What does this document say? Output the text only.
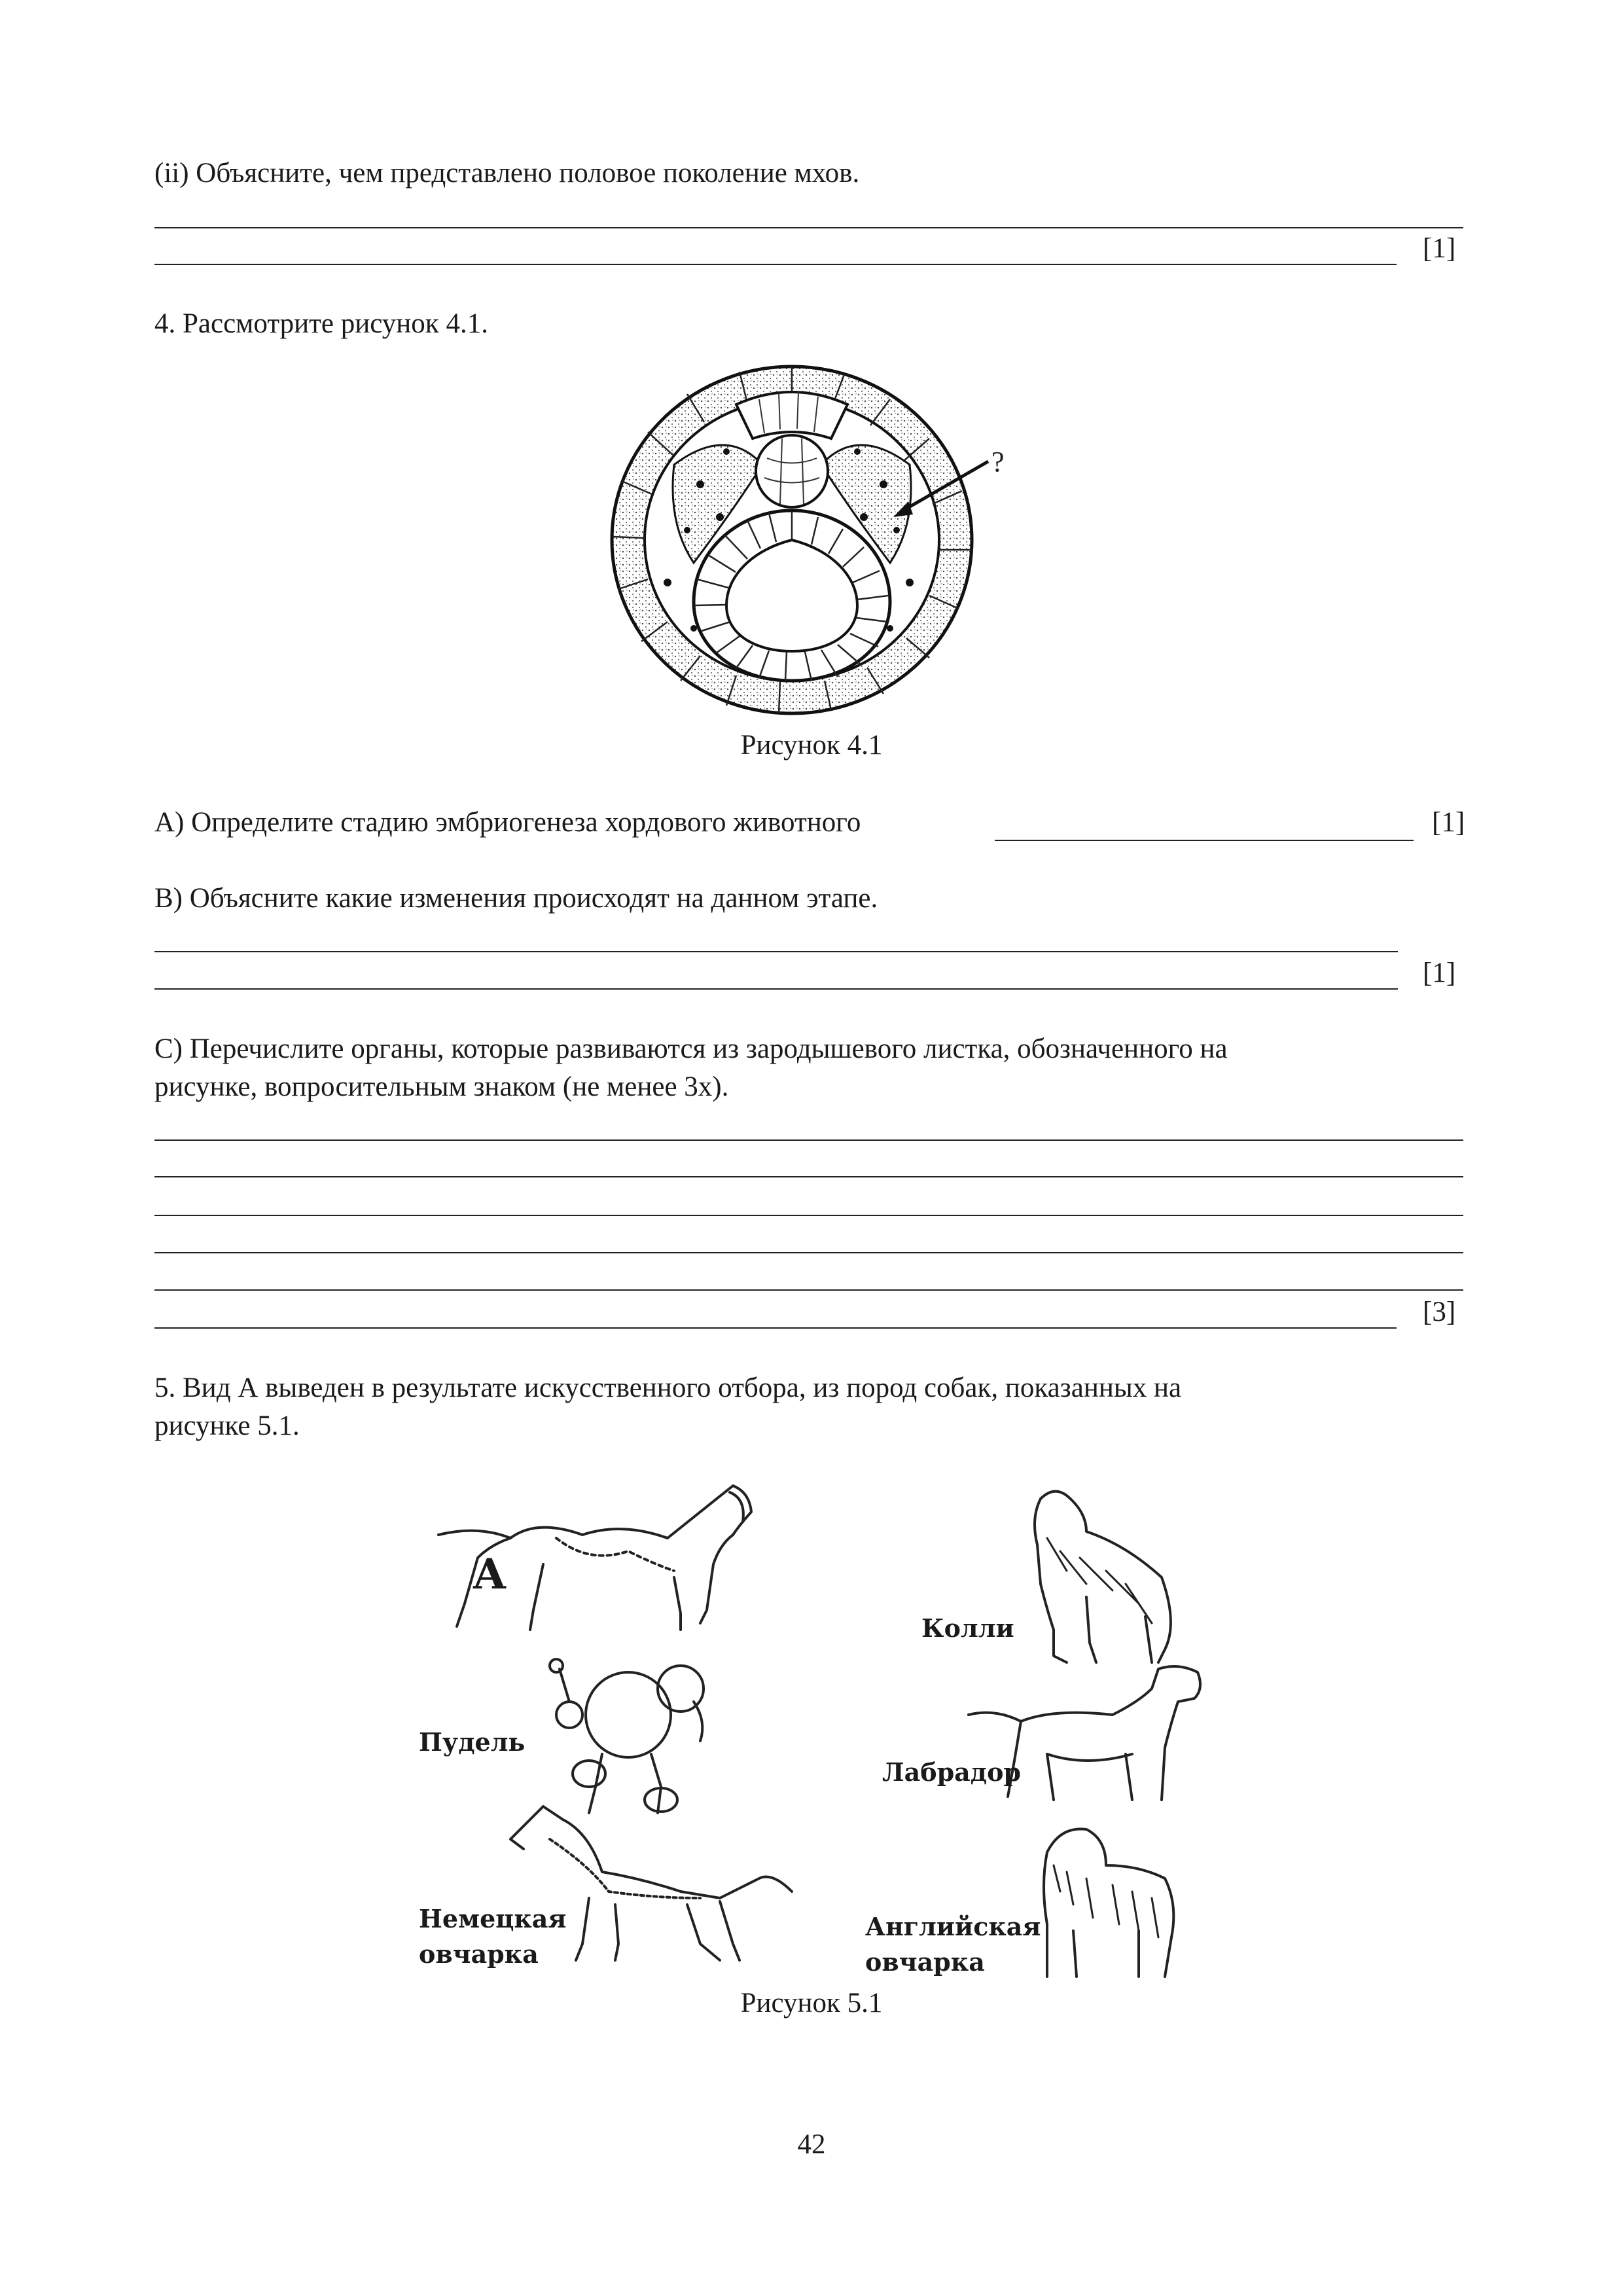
(ii) Объясните, чем представлено половое поколение мхов.
[1]
4. Рассмотрите рисунок 4.1.
?
Рисунок 4.1
А) Определите стадию эмбриогенеза хордового животного	[1]
В) Объясните какие изменения происходят на данном этапе.
[1]
С) Перечислите органы, которые развиваются из зародышевого листка, обозначенного на
рисунке, вопросительным знаком (не менее 3х).
[3]
5. Вид А выведен в результате искусственного отбора, из пород собак, показанных на
рисунке 5.1.
А
Колли
Пудель
Лабрадор
Немецкая
овчарка
Английская
овчарка
Рисунок 5.1
42
